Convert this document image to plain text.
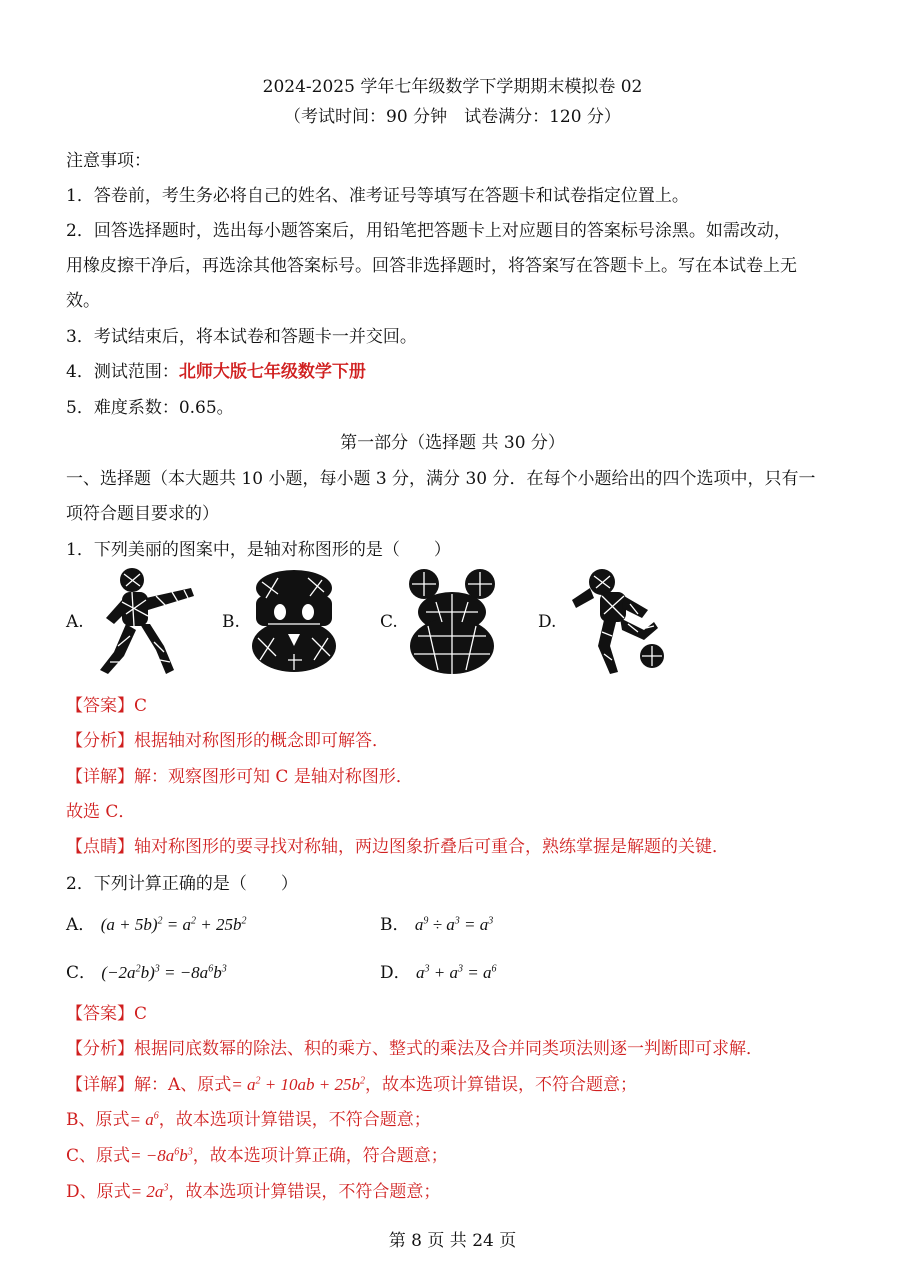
2024-2025 学年七年级数学下学期期末模拟卷 02
（考试时间：90 分钟　试卷满分：120 分）
注意事项：
1．答卷前，考生务必将自己的姓名、准考证号等填写在答题卡和试卷指定位置上。
2．回答选择题时，选出每小题答案后，用铅笔把答题卡上对应题目的答案标号涂黑。如需改动，
用橡皮擦干净后，再选涂其他答案标号。回答非选择题时，将答案写在答题卡上。写在本试卷上无
效。
3．考试结束后，将本试卷和答题卡一并交回。
4．测试范围：北师大版七年级数学下册
5．难度系数：0.65。
第一部分（选择题 共 30 分）
一、选择题（本大题共 10 小题，每小题 3 分，满分 30 分．在每个小题给出的四个选项中，只有一
项符合题目要求的）
1．下列美丽的图案中，是轴对称图形的是（　　）
A.	B.	C.	D.
【答案】C
【分析】根据轴对称图形的概念即可解答．
【详解】解：观察图形可知 C 是轴对称图形．
故选 C．
【点睛】轴对称图形的要寻找对称轴，两边图象折叠后可重合，熟练掌握是解题的关键．
2．下列计算正确的是（　　）
A． $(a + 5b)^2 = a^2 + 25b^2$	B． $a^9 \div a^3 = a^3$
C． $(-2a^2b)^3 = -8a^6b^3$	D． $a^3 + a^3 = a^6$
【答案】C
【分析】根据同底数幂的除法、积的乘方、整式的乘法及合并同类项法则逐一判断即可求解．
【详解】解：A、原式= $a^2 + 10ab + 25b^2$，故本选项计算错误，不符合题意；
B、原式= $a^6$，故本选项计算错误，不符合题意；
C、原式= $-8a^6b^3$，故本选项计算正确，符合题意；
D、原式= $2a^3$，故本选项计算错误，不符合题意；
第 8 页 共 24 页
